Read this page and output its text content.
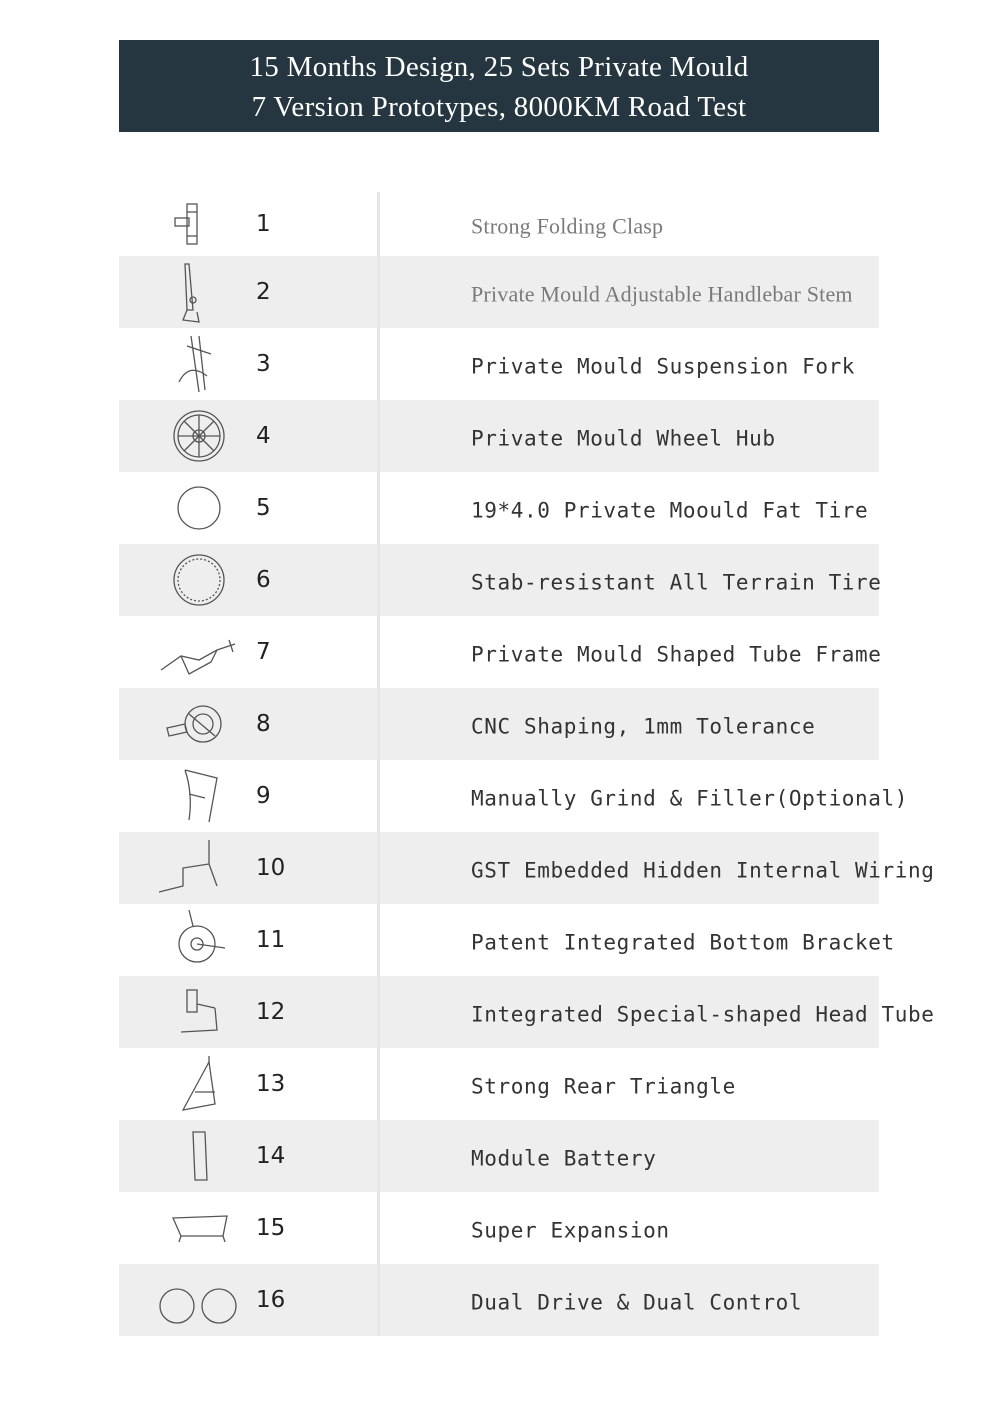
15 Months Design, 25 Sets Private Mould
7 Version Prototypes, 8000KM Road Test
1	Strong Folding Clasp
2	Private Mould Adjustable Handlebar Stem
3	Private Mould Suspension Fork
4	Private Mould Wheel Hub
5	19*4.0 Private Moould Fat Tire
6	Stab-resistant All Terrain Tire
7	Private Mould Shaped Tube Frame
8	CNC Shaping, 1mm Tolerance
9	Manually Grind & Filler(Optional)
10	GST Embedded Hidden Internal Wiring
11	Patent Integrated Bottom Bracket
12	Integrated Special-shaped Head Tube
13	Strong Rear Triangle
14	Module Battery
15	Super Expansion
16	Dual Drive & Dual Control
